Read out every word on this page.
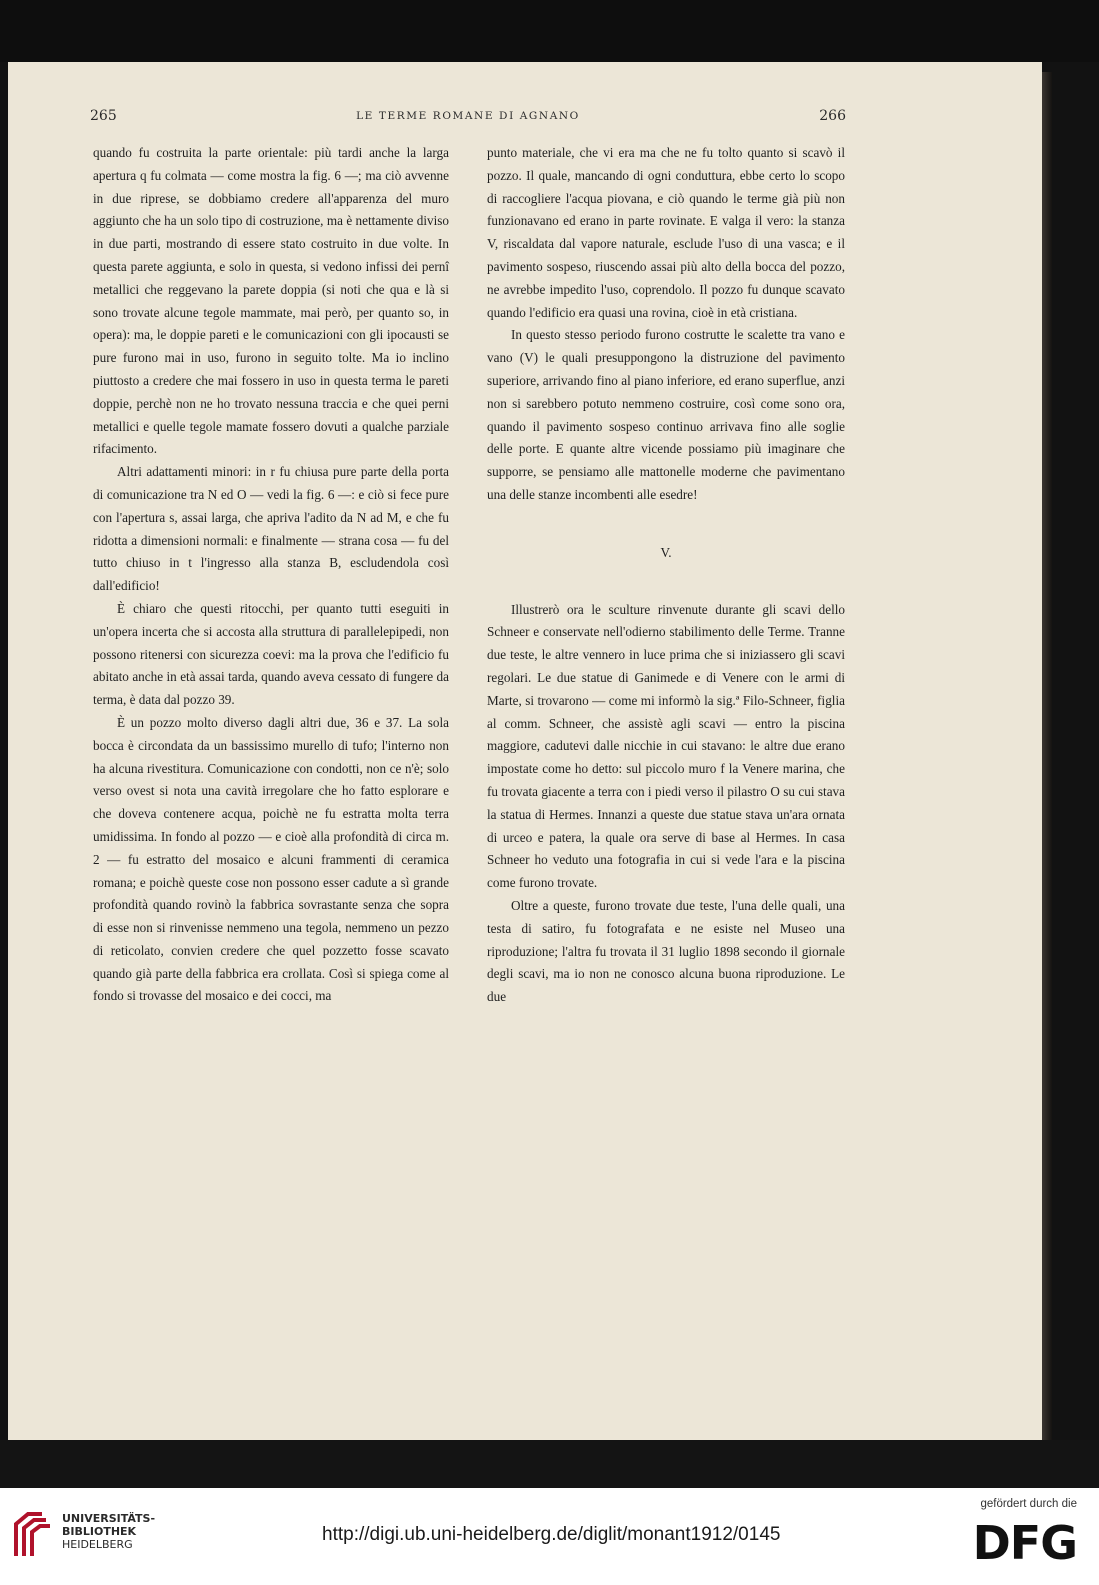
265	LE TERME ROMANE DI AGNANO	266

quando fu costruita la parte orientale: più tardi anche la larga apertura q fu colmata — come mostra la fig. 6 —; ma ciò avvenne in due riprese, se dobbiamo credere all'apparenza del muro aggiunto che ha un solo tipo di costruzione, ma è nettamente diviso in due parti, mostrando di essere stato costruito in due volte. In questa parete aggiunta, e solo in questa, si vedono infissi dei pernî metallici che reggevano la parete doppia (si noti che qua e là si sono trovate alcune tegole mammate, mai però, per quanto so, in opera): ma, le doppie pareti e le comunicazioni con gli ipocausti se pure furono mai in uso, furono in seguito tolte. Ma io inclino piuttosto a credere che mai fossero in uso in questa terma le pareti doppie, perchè non ne ho trovato nessuna traccia e che quei perni metallici e quelle tegole mamate fossero dovuti a qualche parziale rifacimento.

Altri adattamenti minori: in r fu chiusa pure parte della porta di comunicazione tra N ed O — vedi la fig. 6 —: e ciò si fece pure con l'apertura s, assai larga, che apriva l'adito da N ad M, e che fu ridotta a dimensioni normali: e finalmente — strana cosa — fu del tutto chiuso in t l'ingresso alla stanza B, escludendola così dall'edificio!

È chiaro che questi ritocchi, per quanto tutti eseguiti in un'opera incerta che si accosta alla struttura di parallelepipedi, non possono ritenersi con sicurezza coevi: ma la prova che l'edificio fu abitato anche in età assai tarda, quando aveva cessato di fungere da terma, è data dal pozzo 39.

È un pozzo molto diverso dagli altri due, 36 e 37. La sola bocca è circondata da un bassissimo murello di tufo; l'interno non ha alcuna rivestitura. Comunicazione con condotti, non ce n'è; solo verso ovest si nota una cavità irregolare che ho fatto esplorare e che doveva contenere acqua, poichè ne fu estratta molta terra umidissima. In fondo al pozzo — e cioè alla profondità di circa m. 2 — fu estratto del mosaico e alcuni frammenti di ceramica romana; e poichè queste cose non possono esser cadute a sì grande profondità quando rovinò la fabbrica sovrastante senza che sopra di esse non si rinvenisse nemmeno una tegola, nemmeno un pezzo di reticolato, convien credere che quel pozzetto fosse scavato quando già parte della fabbrica era crollata. Così si spiega come al fondo si trovasse del mosaico e dei cocci, ma

punto materiale, che vi era ma che ne fu tolto quanto si scavò il pozzo. Il quale, mancando di ogni conduttura, ebbe certo lo scopo di raccogliere l'acqua piovana, e ciò quando le terme già più non funzionavano ed erano in parte rovinate. E valga il vero: la stanza V, riscaldata dal vapore naturale, esclude l'uso di una vasca; e il pavimento sospeso, riuscendo assai più alto della bocca del pozzo, ne avrebbe impedito l'uso, coprendolo. Il pozzo fu dunque scavato quando l'edificio era quasi una rovina, cioè in età cristiana.

In questo stesso periodo furono costrutte le scalette tra vano e vano (V) le quali presuppongono la distruzione del pavimento superiore, arrivando fino al piano inferiore, ed erano superflue, anzi non si sarebbero potuto nemmeno costruire, così come sono ora, quando il pavimento sospeso continuo arrivava fino alle soglie delle porte. E quante altre vicende possiamo più imaginare che supporre, se pensiamo alle mattonelle moderne che pavimentano una delle stanze incombenti alle esedre!

V.

Illustrerò ora le sculture rinvenute durante gli scavi dello Schneer e conservate nell'odierno stabilimento delle Terme. Tranne due teste, le altre vennero in luce prima che si iniziassero gli scavi regolari. Le due statue di Ganimede e di Venere con le armi di Marte, si trovarono — come mi informò la sig.ª Filo-Schneer, figlia al comm. Schneer, che assistè agli scavi — entro la piscina maggiore, cadutevi dalle nicchie in cui stavano: le altre due erano impostate come ho detto: sul piccolo muro f la Venere marina, che fu trovata giacente a terra con i piedi verso il pilastro O su cui stava la statua di Hermes. Innanzi a queste due statue stava un'ara ornata di urceo e patera, la quale ora serve di base al Hermes. In casa Schneer ho veduto una fotografia in cui si vede l'ara e la piscina come furono trovate.

Oltre a queste, furono trovate due teste, l'una delle quali, una testa di satiro, fu fotografata e ne esiste nel Museo una riproduzione; l'altra fu trovata il 31 luglio 1898 secondo il giornale degli scavi, ma io non ne conosco alcuna buona riproduzione. Le due

UNIVERSITÄTS-
BIBLIOTHEK
HEIDELBERG	http://digi.ub.uni-heidelberg.de/diglit/monant1912/0145
gefördert durch die
DFG
